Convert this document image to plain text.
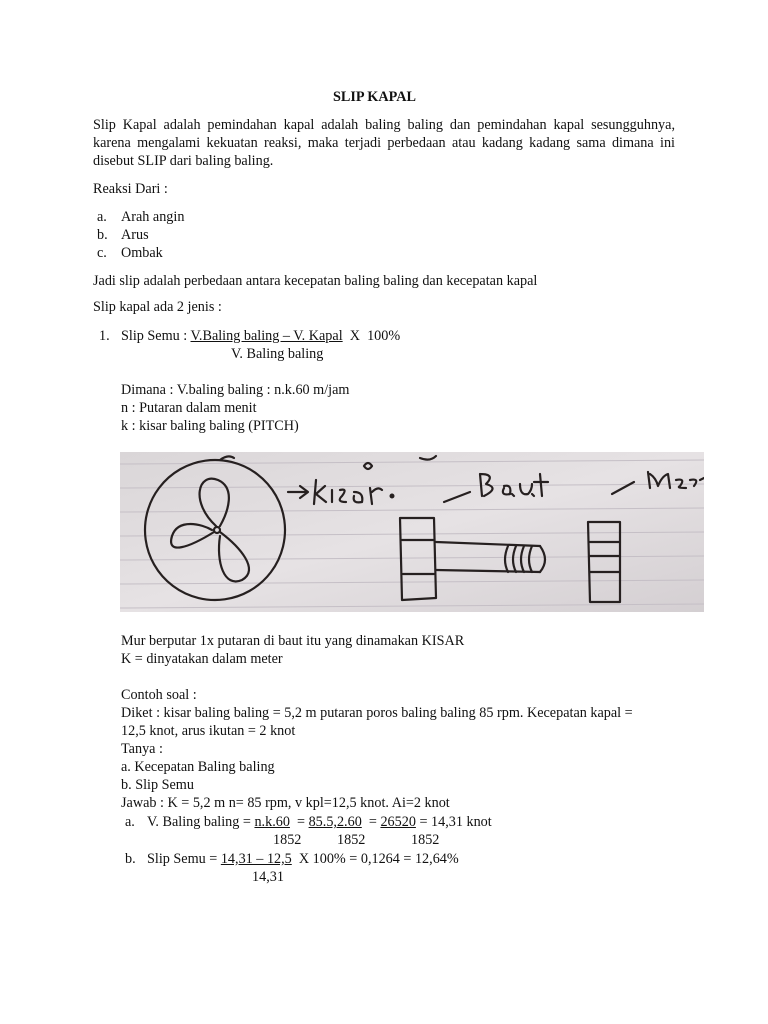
SLIP KAPAL
Slip Kapal adalah pemindahan kapal adalah baling baling dan pemindahan kapal sesungguhnya, karena mengalami kekuatan reaksi, maka terjadi perbedaan atau kadang kadang sama dimana ini disebut SLIP dari baling baling.
Reaksi Dari :
a. Arah angin
b. Arus
c. Ombak
Jadi slip adalah perbedaan antara kecepatan baling baling dan kecepatan kapal
Slip kapal ada 2 jenis :
1. Slip Semu : V.Baling baling – V. Kapal  X  100%
V. Baling baling
Dimana : V.baling baling : n.k.60 m/jam
n : Putaran dalam menit
k : kisar baling baling (PITCH)
Mur berputar 1x putaran di baut itu yang dinamakan KISAR
K = dinyatakan dalam meter
Contoh soal :
Diket : kisar baling baling = 5,2 m putaran poros baling baling 85 rpm. Kecepatan kapal =
12,5 knot, arus ikutan = 2 knot
Tanya :
a. Kecepatan Baling baling
b. Slip Semu
Jawab : K = 5,2 m n= 85 rpm, v kpl=12,5 knot. Ai=2 knot
a. V. Baling baling = n.k.60  = 85.5,2.60  = 26520 = 14,31 knot
1852	1852	1852
b. Slip Semu = 14,31 – 12,5  X 100% = 0,1264 = 12,64%
14,31
